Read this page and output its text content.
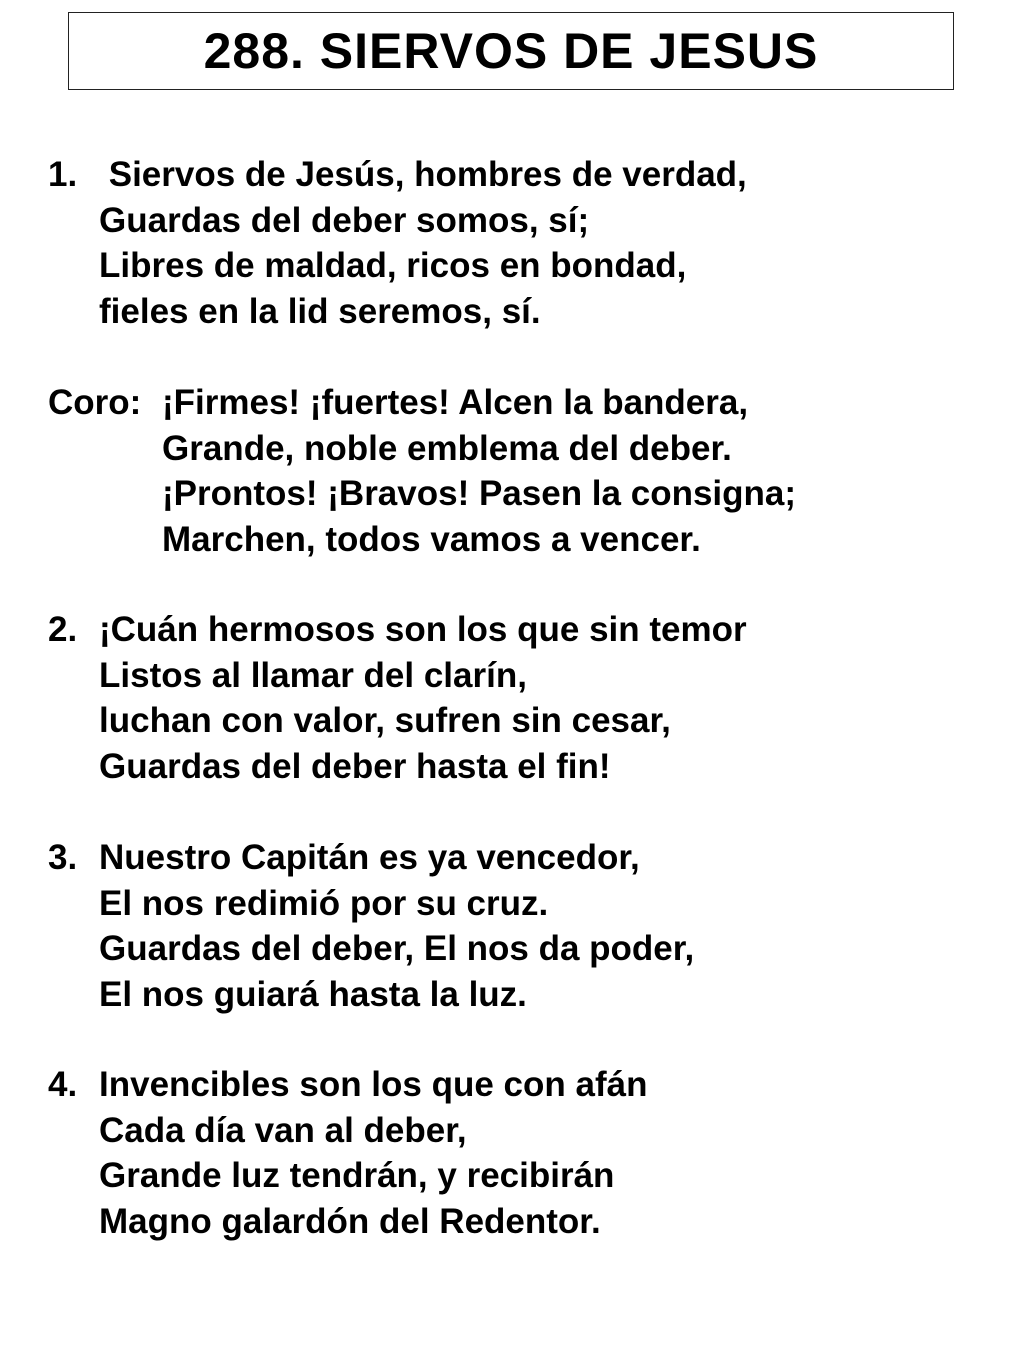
288. SIERVOS DE JESUS
1. Siervos de Jesús, hombres de verdad,
Guardas del deber somos, sí;
Libres de maldad, ricos en bondad,
fieles en la lid seremos, sí.
Coro: ¡Firmes! ¡fuertes! Alcen la bandera,
Grande, noble emblema del deber.
¡Prontos! ¡Bravos! Pasen la consigna;
Marchen, todos vamos a vencer.
2. ¡Cuán hermosos son los que sin temor
Listos al llamar del clarín,
luchan con valor, sufren sin cesar,
Guardas del deber hasta el fin!
3. Nuestro Capitán es ya vencedor,
El nos redimió por su cruz.
Guardas del deber, El nos da poder,
El nos guiará hasta la luz.
4. Invencibles son los que con afán
Cada día van al deber,
Grande luz tendrán, y recibirán
Magno galardón del Redentor.
